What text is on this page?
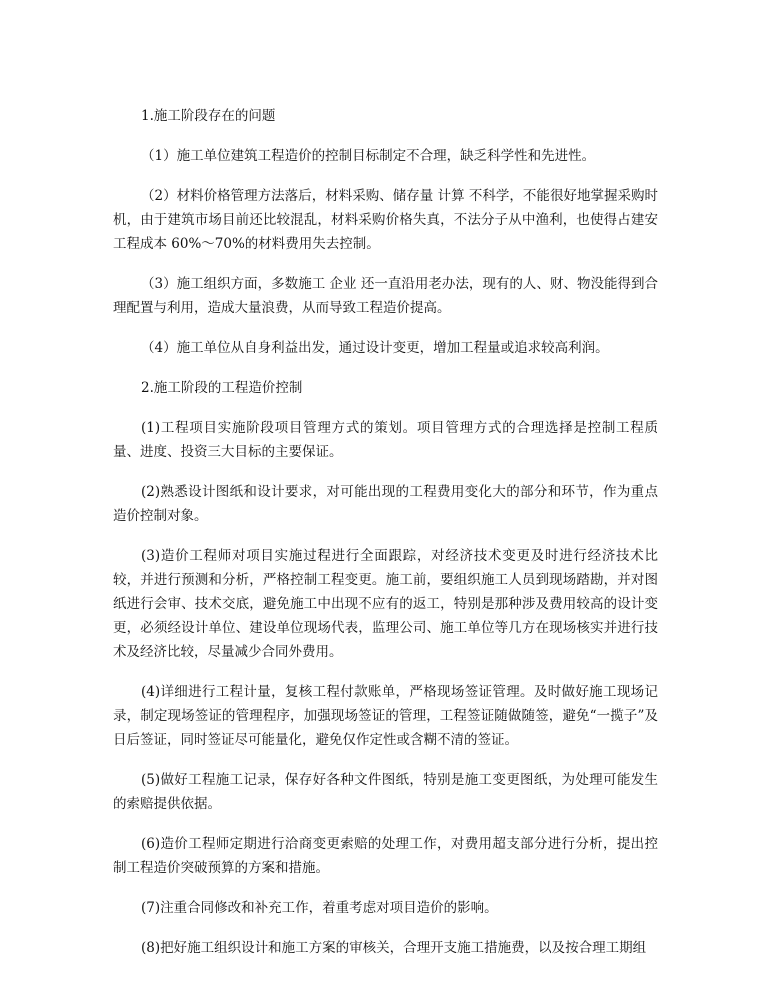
1.施工阶段存在的问题

（1）施工单位建筑工程造价的控制目标制定不合理，缺乏科学性和先进性。

（2）材料价格管理方法落后，材料采购、储存量 计算 不科学，不能很好地掌握采购时机，由于建筑市场目前还比较混乱，材料采购价格失真，不法分子从中渔利，也使得占建安工程成本 60%～70%的材料费用失去控制。

（3）施工组织方面，多数施工 企业 还一直沿用老办法，现有的人、财、物没能得到合理配置与利用，造成大量浪费，从而导致工程造价提高。

（4）施工单位从自身利益出发，通过设计变更，增加工程量或追求较高利润。

2.施工阶段的工程造价控制

(1)工程项目实施阶段项目管理方式的策划。项目管理方式的合理选择是控制工程质量、进度、投资三大目标的主要保证。

(2)熟悉设计图纸和设计要求，对可能出现的工程费用变化大的部分和环节，作为重点造价控制对象。

(3)造价工程师对项目实施过程进行全面跟踪，对经济技术变更及时进行经济技术比较，并进行预测和分析，严格控制工程变更。施工前，要组织施工人员到现场踏勘，并对图纸进行会审、技术交底，避免施工中出现不应有的返工，特别是那种涉及费用较高的设计变更，必须经设计单位、建设单位现场代表，监理公司、施工单位等几方在现场核实并进行技术及经济比较，尽量减少合同外费用。

(4)详细进行工程计量，复核工程付款账单，严格现场签证管理。及时做好施工现场记录，制定现场签证的管理程序，加强现场签证的管理，工程签证随做随签，避免“一揽子”及日后签证，同时签证尽可能量化，避免仅作定性或含糊不清的签证。

(5)做好工程施工记录，保存好各种文件图纸，特别是施工变更图纸，为处理可能发生的索赔提供依据。

(6)造价工程师定期进行洽商变更索赔的处理工作，对费用超支部分进行分析，提出控制工程造价突破预算的方案和措施。

(7)注重合同修改和补充工作，着重考虑对项目造价的影响。

(8)把好施工组织设计和施工方案的审核关，合理开支施工措施费，以及按合理工期组
